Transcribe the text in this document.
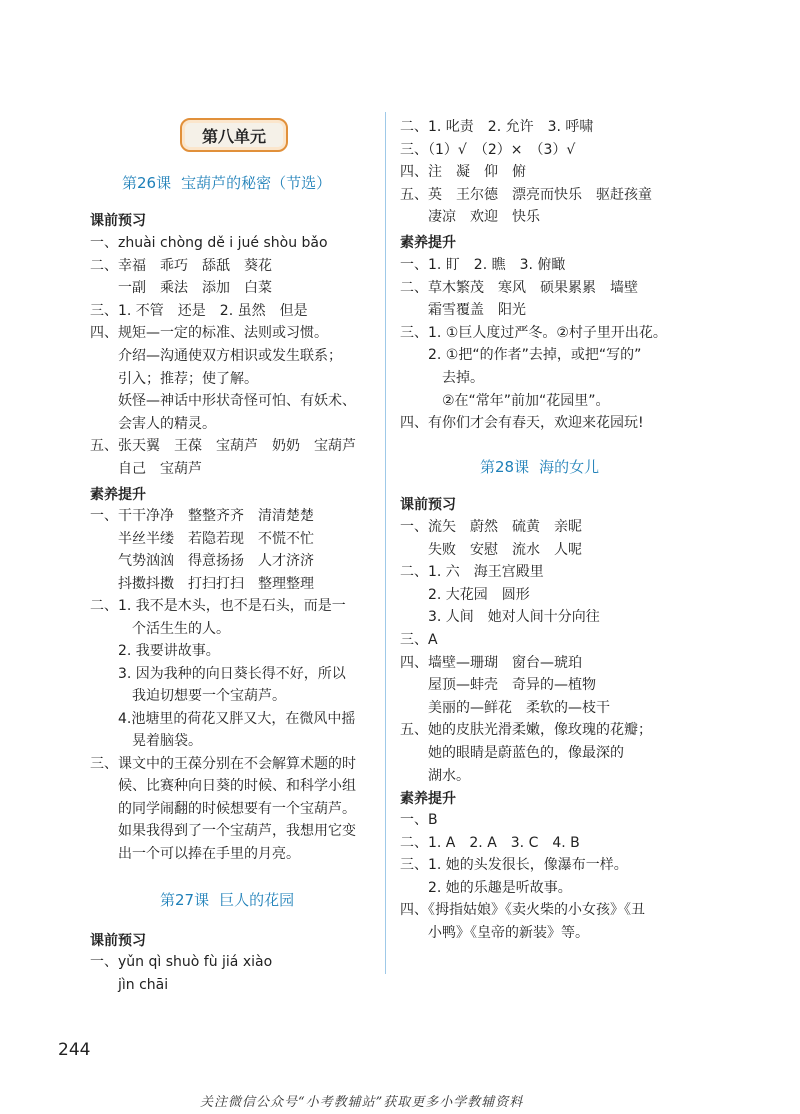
第八单元
第26课 宝葫芦的秘密（节选）
课前预习
一、zhuài chòng dě i jué shòu bǎo
二、幸福　乖巧　舔舐　葵花
　　一副　乘法　添加　白菜
三、1. 不管　还是　2. 虽然　但是
四、规矩—一定的标准、法则或习惯。
　　介绍—沟通使双方相识或发生联系；
　　引入；推荐；使了解。
　　妖怪—神话中形状奇怪可怕、有妖术、
　　会害人的精灵。
五、张天翼　王葆　宝葫芦　奶奶　宝葫芦
　　自己　宝葫芦
素养提升
一、干干净净　整整齐齐　清清楚楚
　　半丝半缕　若隐若现　不慌不忙
　　气势汹汹　得意扬扬　人才济济
　　抖擞抖擞　打扫打扫　整理整理
二、1. 我不是木头，也不是石头，而是一
　　　个活生生的人。
　　2. 我要讲故事。
　　3. 因为我种的向日葵长得不好，所以
　　　我迫切想要一个宝葫芦。
　　4.池塘里的荷花又胖又大，在微风中摇
　　　晃着脑袋。
三、课文中的王葆分别在不会解算术题的时
　　候、比赛种向日葵的时候、和科学小组
　　的同学闹翻的时候想要有一个宝葫芦。
　　如果我得到了一个宝葫芦，我想用它变
　　出一个可以捧在手里的月亮。
第27课 巨人的花园
课前预习
一、yǔn qì shuò fù jiá xiào
　　jìn chāi
二、1. 叱责　2. 允许　3. 呼啸
三、（1）√　（2）×　（3）√
四、注　凝　仰　俯
五、英　王尔德　漂亮而快乐　驱赶孩童
　　凄凉　欢迎　快乐
素养提升
一、1. 盯　2. 瞧　3. 俯瞰
二、草木繁茂　寒风　硕果累累　墙壁
　　霜雪覆盖　阳光
三、1. ①巨人度过严冬。②村子里开出花。
　　2. ①把“的作者”去掉，或把“写的”
　　　去掉。
　　　②在“常年”前加“花园里”。
四、有你们才会有春天，欢迎来花园玩!
第28课 海的女儿
课前预习
一、流矢　蔚然　硫黄　亲昵
　　失败　安慰　流水　人呢
二、1. 六　海王宫殿里
　　2. 大花园　圆形
　　3. 人间　她对人间十分向往
三、A
四、墙壁—珊瑚　窗台—琥珀
　　屋顶—蚌壳　奇异的—植物
　　美丽的—鲜花　柔软的—枝干
五、她的皮肤光滑柔嫩，像玫瑰的花瓣；
　　她的眼睛是蔚蓝色的，像最深的
　　湖水。
素养提升
一、B
二、1. A　2. A　3. C　4. B
三、1. 她的头发很长，像瀑布一样。
　　2. 她的乐趣是听故事。
四、《拇指姑娘》《卖火柴的小女孩》《丑
　　小鸭》《皇帝的新装》等。
244
关注微信公众号“小考教辅站”获取更多小学教辅资料
